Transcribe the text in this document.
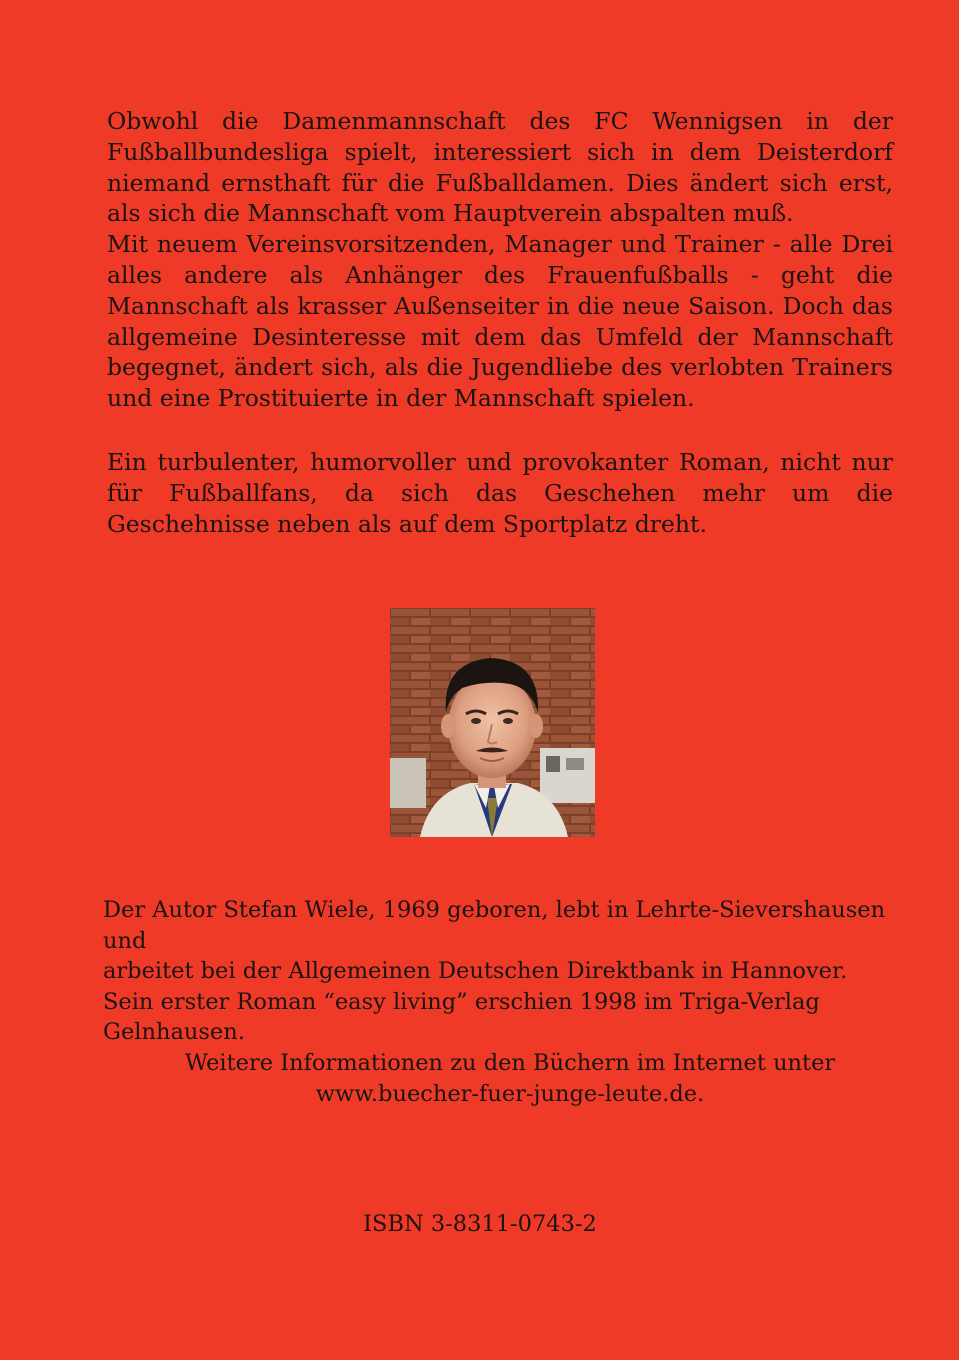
Obwohl die Damenmannschaft des FC Wennigsen in der Fußballbundesliga spielt, interessiert sich in dem Deisterdorf niemand ernsthaft für die Fußballdamen. Dies ändert sich erst, als sich die Mannschaft vom Hauptverein abspalten muß.

Mit neuem Vereinsvorsitzenden, Manager und Trainer - alle Drei alles andere als Anhänger des Frauenfußballs - geht die Mannschaft als krasser Außenseiter in die neue Saison. Doch das allgemeine Desinteresse mit dem das Umfeld der Mannschaft begegnet, ändert sich, als die Jugendliebe des verlobten Trainers und eine Prostituierte in der Mannschaft spielen.

Ein turbulenter, humorvoller und provokanter Roman, nicht nur für Fußballfans, da sich das Geschehen mehr um die Geschehnisse neben als auf dem Sportplatz dreht.

Der Autor Stefan Wiele, 1969 geboren, lebt in Lehrte-Sievershausen und

arbeitet bei der Allgemeinen Deutschen Direktbank in Hannover.

Sein erster Roman “easy living” erschien 1998 im Triga-Verlag

Gelnhausen.

Weitere Informationen zu den Büchern im Internet unter

www.buecher-fuer-junge-leute.de.

ISBN 3-8311-0743-2
